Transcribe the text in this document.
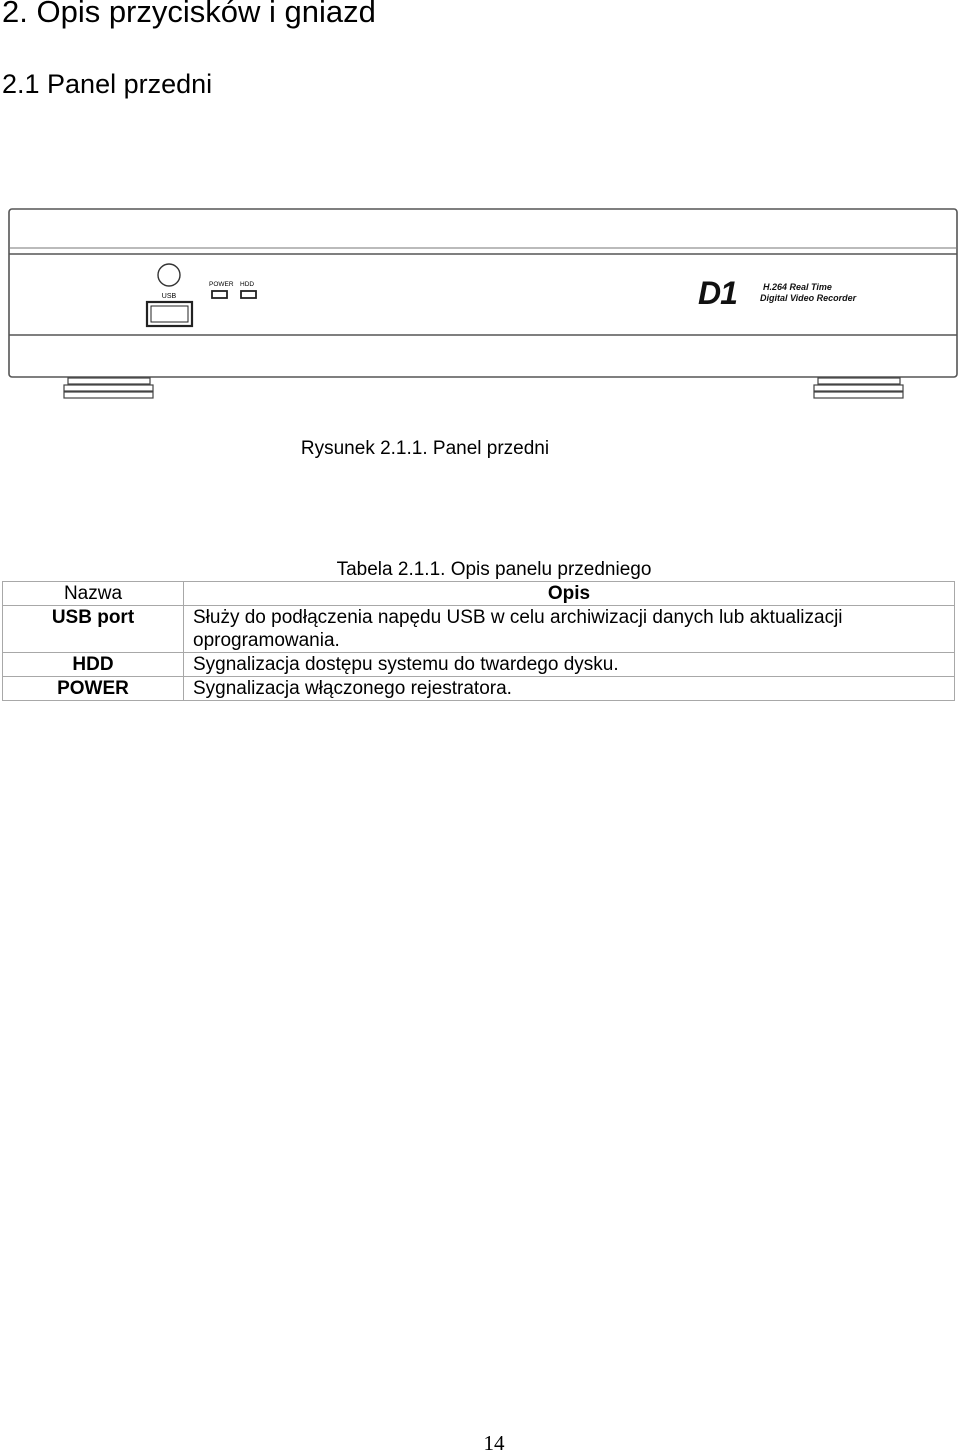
2. Opis przycisków i gniazd
2.1 Panel przedni
USB
POWER HDD	D1	H.264 Real Time
Digital Video Recorder
Rysunek 2.1.1. Panel przedni
Tabela 2.1.1. Opis panelu przedniego
Nazwa	Opis
USB port	Służy do podłączenia napędu USB w celu archiwizacji danych lub aktualizacji
oprogramowania.
HDD	Sygnalizacja dostępu systemu do twardego dysku.
POWER	Sygnalizacja włączonego rejestratora.
14
